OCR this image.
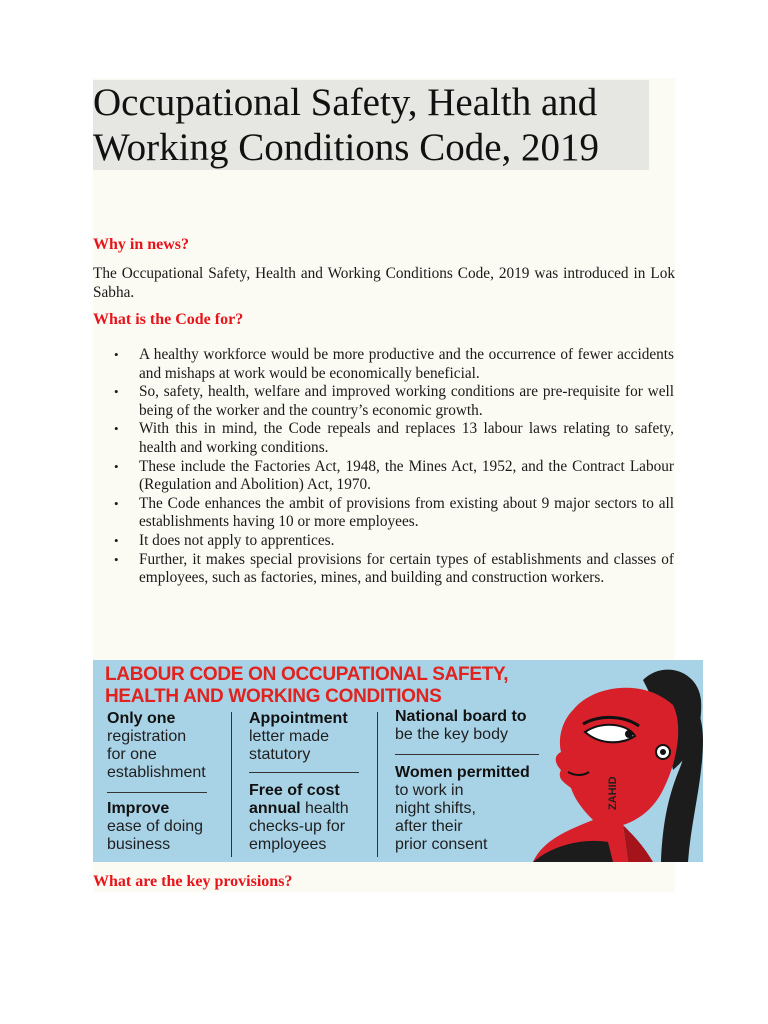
Occupational Safety, Health and
Working Conditions Code, 2019
Why in news?

The Occupational Safety, Health and Working Conditions Code, 2019 was introduced in Lok Sabha.

What is the Code for?
• A healthy workforce would be more productive and the occurrence of fewer accidents and mishaps at work would be economically beneficial.
• So, safety, health, welfare and improved working conditions are pre-requisite for well being of the worker and the country’s economic growth.
• With this in mind, the Code repeals and replaces 13 labour laws relating to safety, health and working conditions.
• These include the Factories Act, 1948, the Mines Act, 1952, and the Contract Labour (Regulation and Abolition) Act, 1970.
• The Code enhances the ambit of provisions from existing about 9 major sectors to all establishments having 10 or more employees.
• It does not apply to apprentices.
• Further, it makes special provisions for certain types of establishments and classes of employees, such as factories, mines, and building and construction workers.
LABOUR CODE ON OCCUPATIONAL SAFETY,
HEALTH AND WORKING CONDITIONS
Only one
registration
for one
establishment
Improve
ease of doing
business
Appointment
letter made
statutory
Free of cost
annual health
checks-up for
employees
National board to
be the key body
Women permitted
to work in
night shifts,
after their
prior consent
ZAHID
What are the key provisions?
